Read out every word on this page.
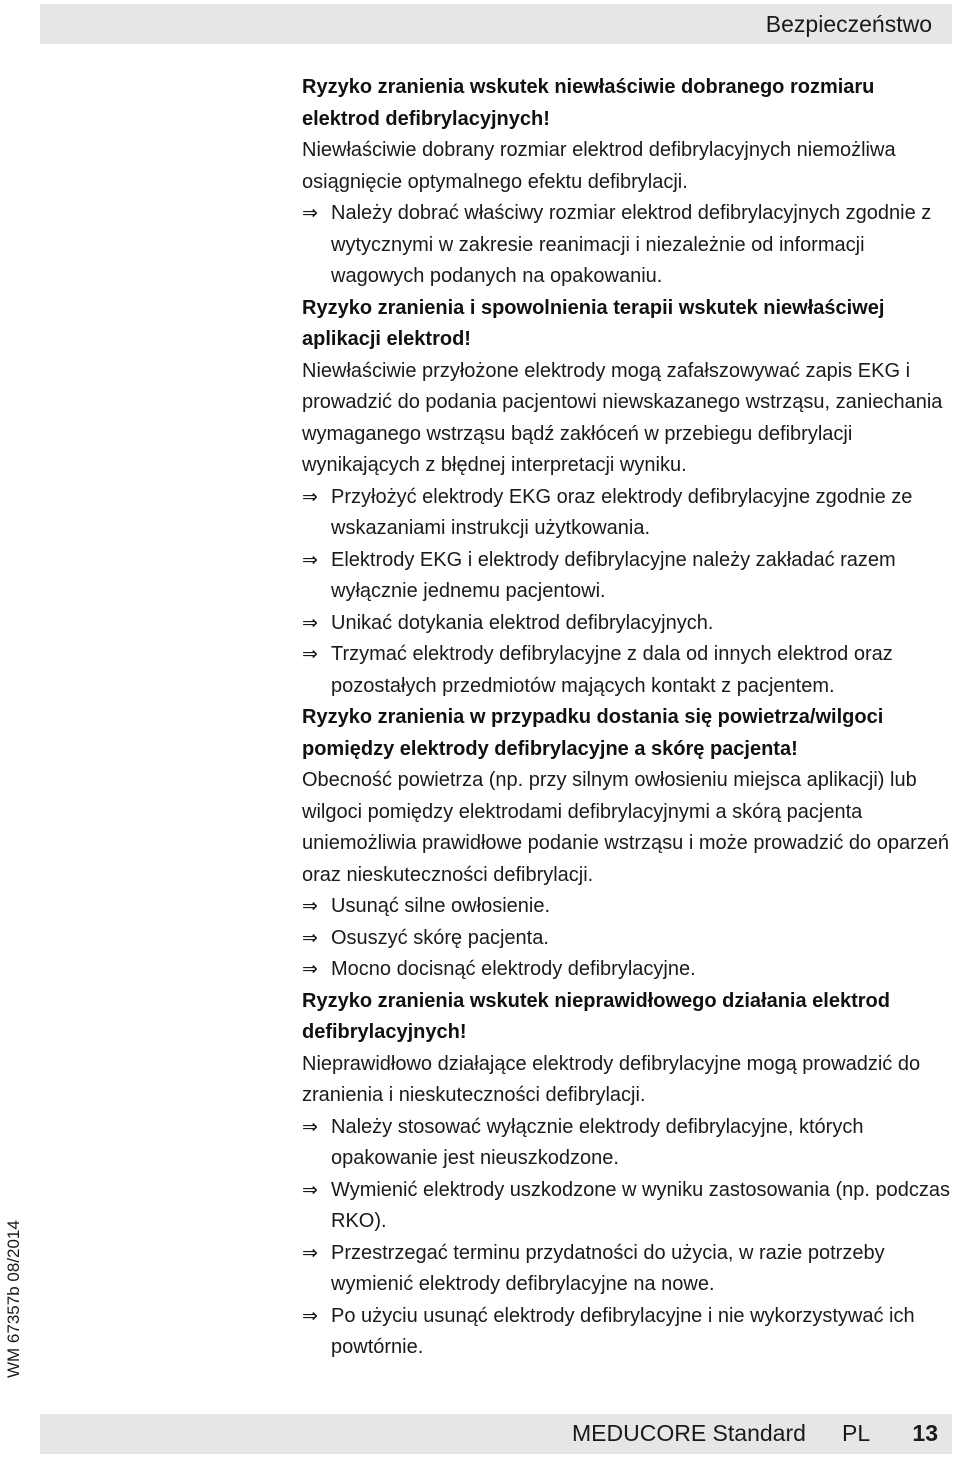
Bezpieczeństwo
WM 67357b 08/2014
Ryzyko zranienia wskutek niewłaściwie dobranego rozmiaru elektrod defibrylacyjnych!
Niewłaściwie dobrany rozmiar elektrod defibrylacyjnych niemożliwa osiągnięcie optymalnego efektu defibrylacji.
⇒ Należy dobrać właściwy rozmiar elektrod defibrylacyjnych zgodnie z wytycznymi w zakresie reanimacji i niezależnie od informacji wagowych podanych na opakowaniu.
Ryzyko zranienia i spowolnienia terapii wskutek niewłaściwej aplikacji elektrod!
Niewłaściwie przyłożone elektrody mogą zafałszowywać zapis EKG i prowadzić do podania pacjentowi niewskazanego wstrząsu, zaniechania wymaganego wstrząsu bądź zakłóceń w przebiegu defibrylacji wynikających z błędnej interpretacji wyniku.
⇒ Przyłożyć elektrody EKG oraz elektrody defibrylacyjne zgodnie ze wskazaniami instrukcji użytkowania.
⇒ Elektrody EKG i elektrody defibrylacyjne należy zakładać razem wyłącznie jednemu pacjentowi.
⇒ Unikać dotykania elektrod defibrylacyjnych.
⇒ Trzymać elektrody defibrylacyjne z dala od innych elektrod oraz pozostałych przedmiotów mających kontakt z pacjentem.
Ryzyko zranienia w przypadku dostania się powietrza/wilgoci pomiędzy elektrody defibrylacyjne a skórę pacjenta!
Obecność powietrza (np. przy silnym owłosieniu miejsca aplikacji) lub wilgoci pomiędzy elektrodami defibrylacyjnymi a skórą pacjenta uniemożliwia prawidłowe podanie wstrząsu i może prowadzić do oparzeń oraz nieskuteczności defibrylacji.
⇒ Usunąć silne owłosienie.
⇒ Osuszyć skórę pacjenta.
⇒ Mocno docisnąć elektrody defibrylacyjne.
Ryzyko zranienia wskutek nieprawidłowego działania elektrod defibrylacyjnych!
Nieprawidłowo działające elektrody defibrylacyjne mogą prowadzić do zranienia i nieskuteczności defibrylacji.
⇒ Należy stosować wyłącznie elektrody defibrylacyjne, których opakowanie jest nieuszkodzone.
⇒ Wymienić elektrody uszkodzone w wyniku zastosowania (np. podczas RKO).
⇒ Przestrzegać terminu przydatności do użycia, w razie potrzeby wymienić elektrody defibrylacyjne na nowe.
⇒ Po użyciu usunąć elektrody defibrylacyjne i nie wykorzystywać ich powtórnie.
MEDUCORE Standard PL 13
